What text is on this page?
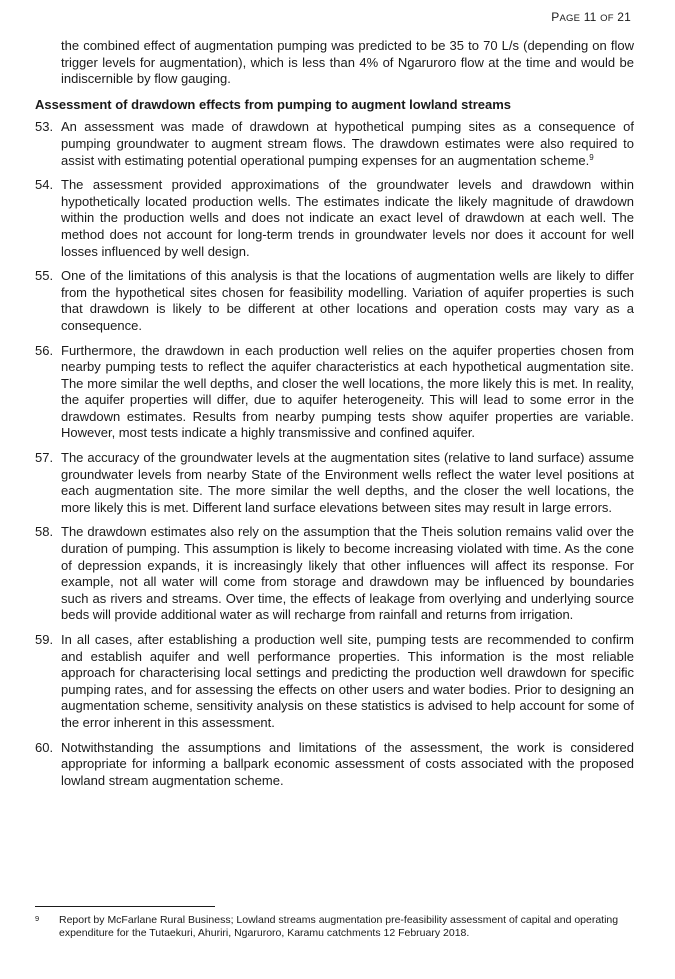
PAGE 11 OF 21

the combined effect of augmentation pumping was predicted to be 35 to 70 L/s (depending on flow trigger levels for augmentation), which is less than 4% of Ngaruroro flow at the time and would be indiscernible by flow gauging.

Assessment of drawdown effects from pumping to augment lowland streams
53. An assessment was made of drawdown at hypothetical pumping sites as a consequence of pumping groundwater to augment stream flows. The drawdown estimates were also required to assist with estimating potential operational pumping expenses for an augmentation scheme.$^9$
54. The assessment provided approximations of the groundwater levels and drawdown within hypothetically located production wells. The estimates indicate the likely magnitude of drawdown within the production wells and does not indicate an exact level of drawdown at each well. The method does not account for long-term trends in groundwater levels nor does it account for well losses influenced by well design.
55. One of the limitations of this analysis is that the locations of augmentation wells are likely to differ from the hypothetical sites chosen for feasibility modelling. Variation of aquifer properties is such that drawdown is likely to be different at other locations and operation costs may vary as a consequence.
56. Furthermore, the drawdown in each production well relies on the aquifer properties chosen from nearby pumping tests to reflect the aquifer characteristics at each hypothetical augmentation site. The more similar the well depths, and closer the well locations, the more likely this is met. In reality, the aquifer properties will differ, due to aquifer heterogeneity. This will lead to some error in the drawdown estimates. Results from nearby pumping tests show aquifer properties are variable. However, most tests indicate a highly transmissive and confined aquifer.
57. The accuracy of the groundwater levels at the augmentation sites (relative to land surface) assume groundwater levels from nearby State of the Environment wells reflect the water level positions at each augmentation site. The more similar the well depths, and the closer the well locations, the more likely this is met. Different land surface elevations between sites may result in large errors.
58. The drawdown estimates also rely on the assumption that the Theis solution remains valid over the duration of pumping. This assumption is likely to become increasing violated with time. As the cone of depression expands, it is increasingly likely that other influences will affect its response. For example, not all water will come from storage and drawdown may be influenced by boundaries such as rivers and streams. Over time, the effects of leakage from overlying and underlying source beds will provide additional water as will recharge from rainfall and returns from irrigation.
59. In all cases, after establishing a production well site, pumping tests are recommended to confirm and establish aquifer and well performance properties. This information is the most reliable approach for characterising local settings and predicting the production well drawdown for specific pumping rates, and for assessing the effects on other users and water bodies. Prior to designing an augmentation scheme, sensitivity analysis on these statistics is advised to help account for some of the error inherent in this assessment.
60. Notwithstanding the assumptions and limitations of the assessment, the work is considered appropriate for informing a ballpark economic assessment of costs associated with the proposed lowland stream augmentation scheme.
9	Report by McFarlane Rural Business; Lowland streams augmentation pre-feasibility assessment of capital and operating expenditure for the Tutaekuri, Ahuriri, Ngaruroro, Karamu catchments 12 February 2018.
